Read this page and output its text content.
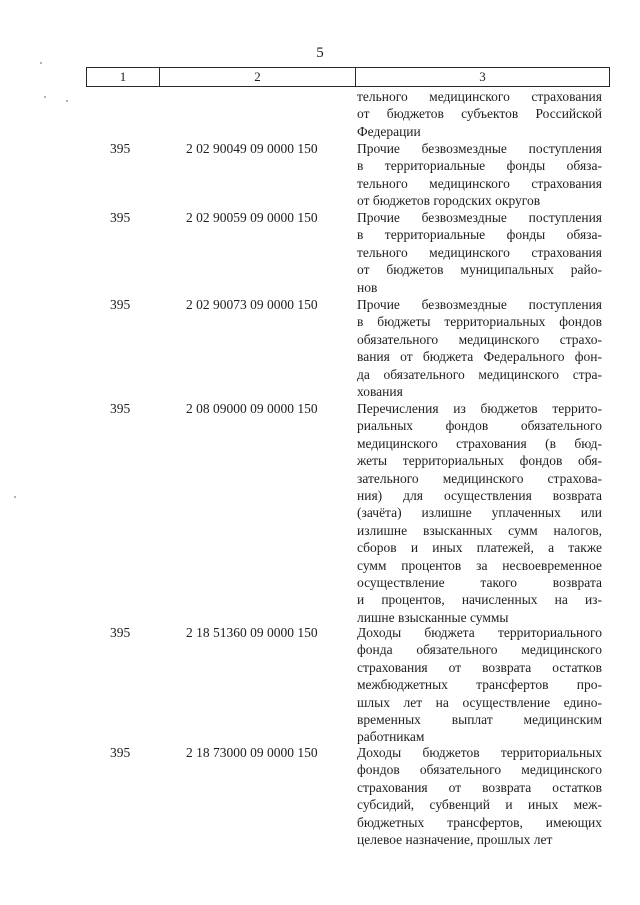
5
1	2	3
тельного медицинского страхования
от бюджетов субъектов Российской
Федерации
395	2 02 90049 09 0000 150	Прочие безвозмездные поступления
в территориальные фонды обяза-
тельного медицинского страхования
от бюджетов городских округов
395	2 02 90059 09 0000 150	Прочие безвозмездные поступления
в территориальные фонды обяза-
тельного медицинского страхования
от бюджетов муниципальных райо-
нов
395	2 02 90073 09 0000 150	Прочие безвозмездные поступления
в бюджеты территориальных фондов
обязательного медицинского страхо-
вания от бюджета Федерального фон-
да обязательного медицинского стра-
хования
395	2 08 09000 09 0000 150	Перечисления из бюджетов террито-
риальных фондов обязательного
медицинского страхования (в бюд-
жеты территориальных фондов обя-
зательного медицинского страхова-
ния) для осуществления возврата
(зачёта) излишне уплаченных или
излишне взысканных сумм налогов,
сборов и иных платежей, а также
сумм процентов за несвоевременное
осуществление такого возврата
и процентов, начисленных на из-
лишне взысканные суммы
395	2 18 51360 09 0000 150	Доходы бюджета территориального
фонда обязательного медицинского
страхования от возврата остатков
межбюджетных трансфертов про-
шлых лет на осуществление едино-
временных выплат медицинским
работникам
395	2 18 73000 09 0000 150	Доходы бюджетов территориальных
фондов обязательного медицинского
страхования от возврата остатков
субсидий, субвенций и иных меж-
бюджетных трансфертов, имеющих
целевое назначение, прошлых лет
